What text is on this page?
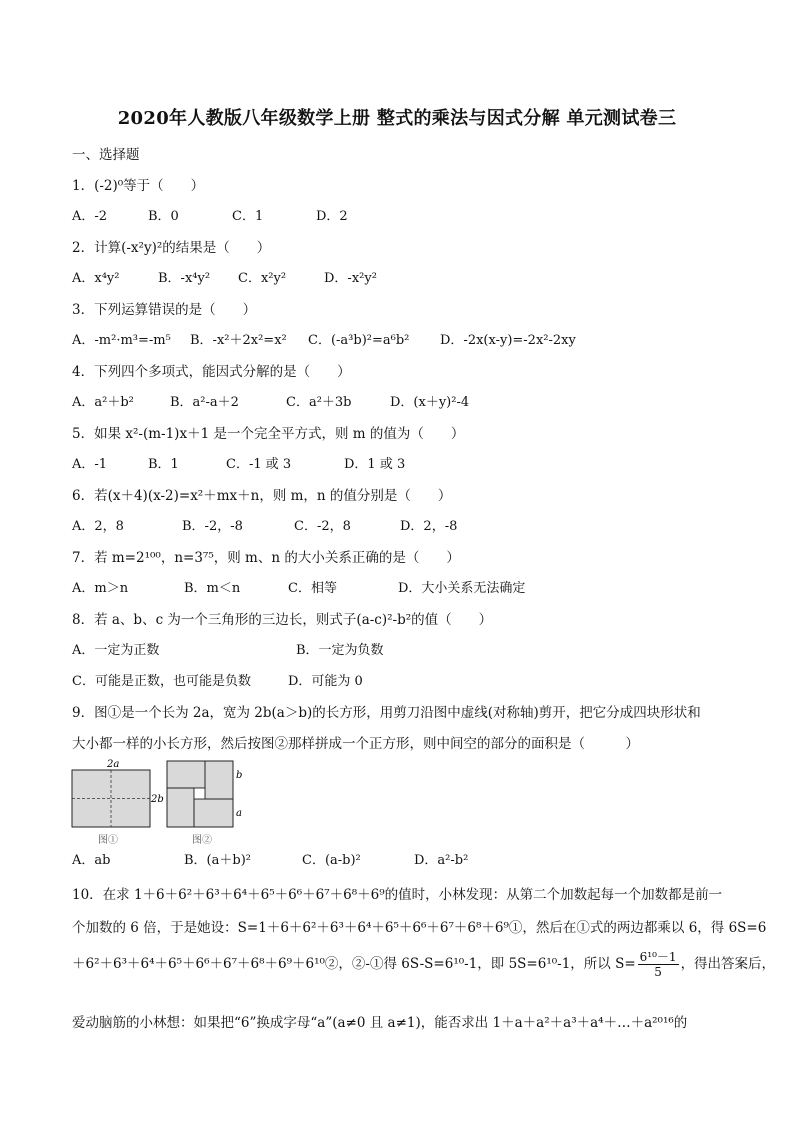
2020年人教版八年级数学上册 整式的乘法与因式分解 单元测试卷三
一、选择题
1．(-2)⁰等于（　　）
A．-2	B．0	C．1	D．2
2．计算(-x²y)²的结果是（　　）
A．x⁴y²	B．-x⁴y² C．x²y²	D．-x²y²
3．下列运算错误的是（　　）
A．-m²·m³=-m⁵ B．-x²＋2x²=x² C．(-a³b)²=a⁶b² D．-2x(x-y)=-2x²-2xy
4．下列四个多项式，能因式分解的是（　　）
A．a²＋b²	B．a²-a＋2	C．a²＋3b	D．(x＋y)²-4
5．如果 x²-(m-1)x＋1 是一个完全平方式，则 m 的值为（　　）
A．-1	B．1	C．-1 或 3	D．1 或 3
6．若(x＋4)(x-2)=x²＋mx＋n，则 m，n 的值分别是（　　）
A．2，8	B．-2，-8	C．-2，8	D．2，-8
7．若 m=2¹⁰⁰，n=3⁷⁵，则 m、n 的大小关系正确的是（　　）
A．m＞n	B．m＜n	C．相等	D．大小关系无法确定
8．若 a、b、c 为一个三角形的三边长，则式子(a-c)²-b²的值（　　）
A．一定为正数	B．一定为负数
C．可能是正数，也可能是负数	D．可能为 0
9．图①是一个长为 2a，宽为 2b(a＞b)的长方形，用剪刀沿图中虚线(对称轴)剪开，把它分成四块形状和
大小都一样的小长方形，然后按图②那样拼成一个正方形，则中间空的部分的面积是（　　　）
2a
2b
图①
b
a
图②
A．ab	B．(a＋b)²	C．(a-b)²	D．a²-b²
10．在求 1＋6＋6²＋6³＋6⁴＋6⁵＋6⁶＋6⁷＋6⁸＋6⁹的值时，小林发现：从第二个加数起每一个加数都是前一
个加数的 6 倍，于是她设：S=1＋6＋6²＋6³＋6⁴＋6⁵＋6⁶＋6⁷＋6⁸＋6⁹①，然后在①式的两边都乘以 6，得 6S=6
＋6²＋6³＋6⁴＋6⁵＋6⁶＋6⁷＋6⁸＋6⁹＋6¹⁰②，②-①得 6S-S=6¹⁰-1，即 5S=6¹⁰-1，所以 $S= \frac{\text{6¹⁰－1}}{5}$ ，得出答案后，
爱动脑筋的小林想：如果把“6”换成字母“a”(a≠0 且 a≠1)，能否求出 1＋a＋a²＋a³＋a⁴＋…＋a²⁰¹⁶的
